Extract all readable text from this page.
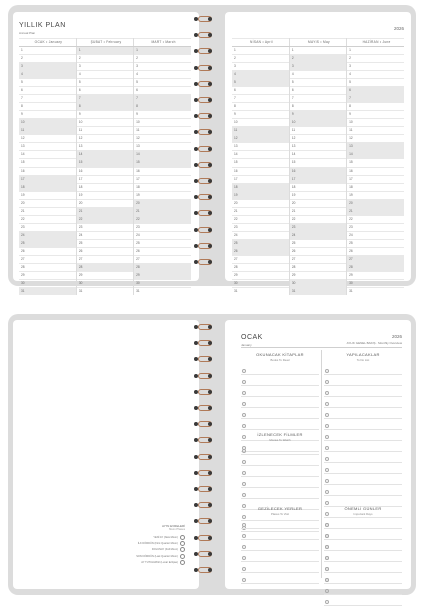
YILLIK PLAN
Annual Plan
OCAK • January	ŞUBAT • February	MART • March
1	1	1
2	2	2
3	3	3
4	4	4
5	5	5
6	6	6
7	7	7
8	8	8
9	9	9
10	10	10
11	11	11
12	12	12
13	13	13
14	14	14
15	15	15
16	16	16
17	17	17
18	18	18
19	19	19
20	20	20
21	21	21
22	22	22
23	23	23
24	24	24
25	25	25
26	26	26
27	27	27
28	28	28
29	29	29
30	30	30
31	31	31
2026
NİSAN • April	MAYIS • May	HAZİRAN • June
1	1	1
2	2	2
3	3	3
4	4	4
5	5	5
6	6	6
7	7	7
8	8	8
9	9	9
10	10	10
11	11	11
12	12	12
13	13	13
14	14	14
15	15	15
16	16	16
17	17	17
18	18	18
19	19	19
20	20	20
21	21	21
22	22	22
23	23	23
24	24	24
25	25	25
26	26	26
27	27	27
28	28	28
29	29	29
30	30	30
31	31	31
AY'IN EVRELERİ
Moon Phases
YENİ AY (New Moon)
İLK DÖRDÜN (First Quarter Moon)
DOLUNAY (Full Moon)
SON DÖRDÜN (Last Quarter Moon)
AY TUTULMASI (Lunar Eclipse)
OCAK
January
2026
AYLIK GENEL BAKIŞ · Monthly Overview
OKUNACAK KİTAPLAR
Books To Read
YAPILACAKLAR
To Do List
İZLENECEK FİLMLER
Movies To Watch
GEZİLECEK YERLER
Places To Visit
ÖNEMLİ GÜNLER
Important Days
